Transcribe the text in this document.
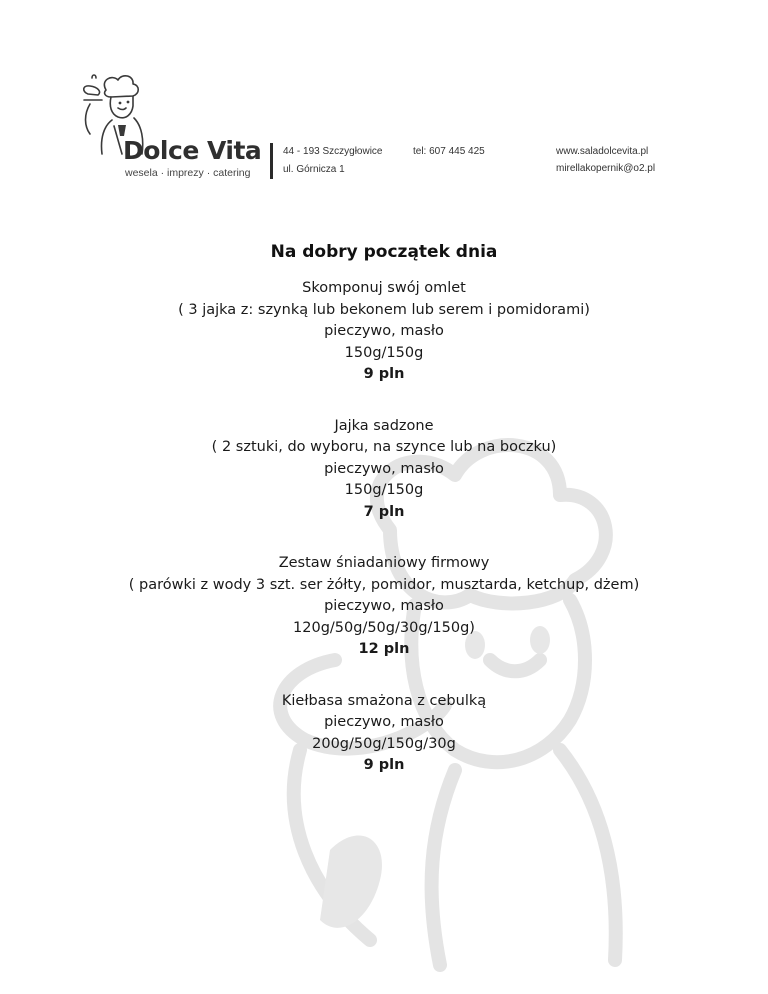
Dolce Vita
wesela · imprezy · catering
44 - 193 Szczygłowice
ul. Górnicza 1
tel: 607 445 425	www.saladolcevita.pl
mirellakopernik@o2.pl
Na dobry początek dnia
Skomponuj swój omlet
( 3 jajka z: szynką lub bekonem lub serem i pomidorami)
pieczywo, masło
150g/150g
9 pln
Jajka sadzone
( 2 sztuki, do wyboru, na szynce lub na boczku)
pieczywo, masło
150g/150g
7 pln
Zestaw śniadaniowy firmowy
( parówki z wody 3 szt. ser żółty, pomidor, musztarda, ketchup, dżem)
pieczywo, masło
120g/50g/50g/30g/150g)
12 pln
Kiełbasa smażona z cebulką
pieczywo, masło
200g/50g/150g/30g
9 pln
